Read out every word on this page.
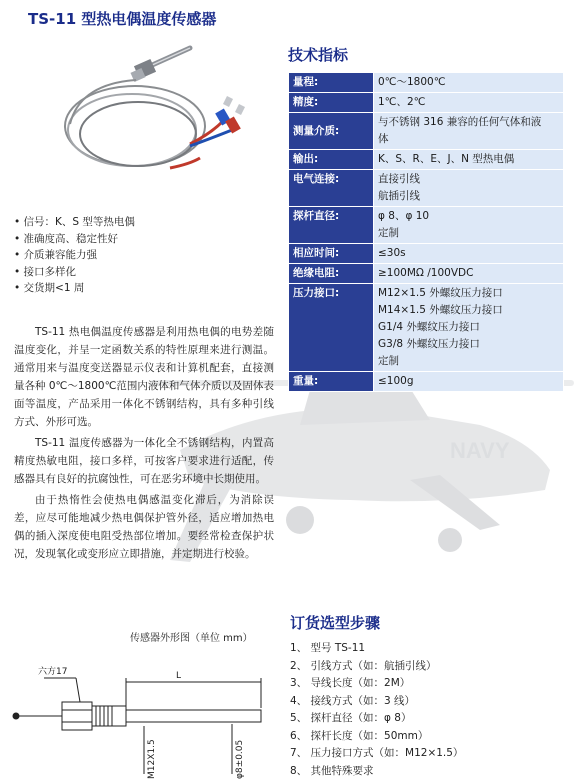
NAVY
TS-11 型热电偶温度传感器
• 信号：K、S 型等热电偶
• 准确度高、稳定性好
• 介质兼容能力强
• 接口多样化
• 交货期<1 周

TS-11 热电偶温度传感器是利用热电偶的电势差随温度变化，并呈一定函数关系的特性原理来进行测温。通常用来与温度变送器显示仪表和计算机配套，直接测量各种 0℃～1800℃范围内液体和气体介质以及固体表面等温度，产品采用一体化不锈钢结构，具有多种引线方式、外形可选。

TS-11 温度传感器为一体化全不锈钢结构，内置高精度热敏电阻，接口多样，可按客户要求进行适配，传感器具有良好的抗腐蚀性，可在恶劣环境中长期使用。

由于热惰性会使热电偶感温变化滞后，为消除误差，应尽可能地减少热电偶保护管外径，适应增加热电偶的插入深度使电阻受热部位增加。要经常检查保护状况，发现氧化或变形应立即措施，并定期进行校验。

技术指标
量程:	0℃～1800℃

精度:	1℃、2℃

测量介质:	与不锈钢 316 兼容的任何气体和液
体

输出:	K、S、R、E、J、N 型热电偶

电气连接:	直接引线
航插引线

探杆直径:	φ 8、φ 10
定制

相应时间:	≤30s

绝缘电阻:	≥100MΩ /100VDC

压力接口:	M12×1.5 外螺纹压力接口
M14×1.5 外螺纹压力接口
G1/4 外螺纹压力接口
G3/8 外螺纹压力接口
定制

重量:	≤100g
传感器外形图（单位 mm）
L
六方17
M12X1.5	φ8±0.05
订货选型步骤
1、 型号 TS-11
2、 引线方式（如：航插引线）
3、 导线长度（如：2M）
4、 接线方式（如：3 线）
5、 探杆直径（如：φ 8）
6、 探杆长度（如：50mm）
7、 压力接口方式（如：M12×1.5）
8、 其他特殊要求
